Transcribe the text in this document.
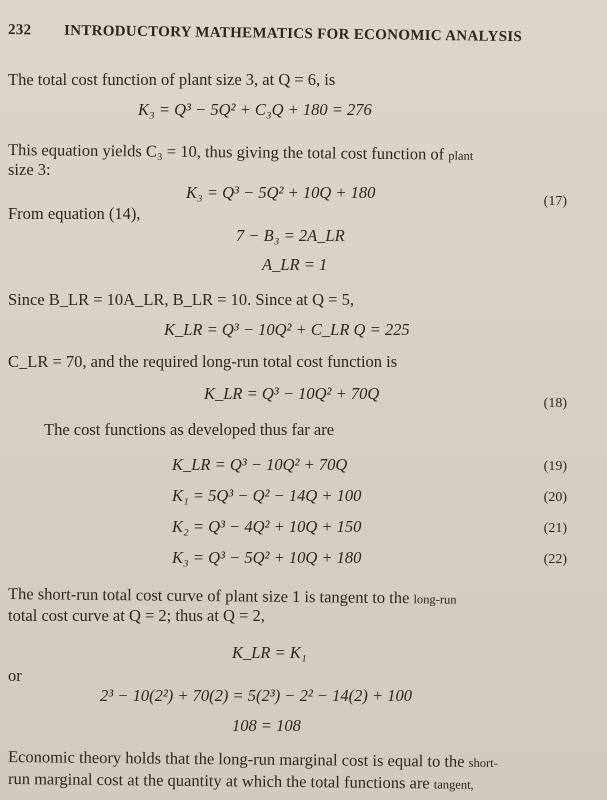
232 INTRODUCTORY MATHEMATICS FOR ECONOMIC ANALYSIS
The total cost function of plant size 3, at Q = 6, is
K₃ = Q³ − 5Q² + C₃Q + 180 = 276
This equation yields C₃ = 10, thus giving the total cost function of plant
size 3:
K₃ = Q³ − 5Q² + 10Q + 180	(17)
From equation (14),
7 − B₃ = 2A_LR
A_LR = 1
Since B_LR = 10A_LR, B_LR = 10. Since at Q = 5,
K_LR = Q³ − 10Q² + C_LR Q = 225
C_LR = 70, and the required long-run total cost function is
K_LR = Q³ − 10Q² + 70Q
(18)
The cost functions as developed thus far are
K_LR = Q³ − 10Q² + 70Q	(19)
K₁ = 5Q³ − Q² − 14Q + 100	(20)
K₂ = Q³ − 4Q² + 10Q + 150	(21)
K₃ = Q³ − 5Q² + 10Q + 180	(22)
The short-run total cost curve of plant size 1 is tangent to the long-run
total cost curve at Q = 2; thus at Q = 2,
K_LR = K₁
or
2³ − 10(2²) + 70(2) = 5(2³) − 2² − 14(2) + 100
108 = 108
Economic theory holds that the long-run marginal cost is equal to the short-
run marginal cost at the quantity at which the total functions are tangent,
